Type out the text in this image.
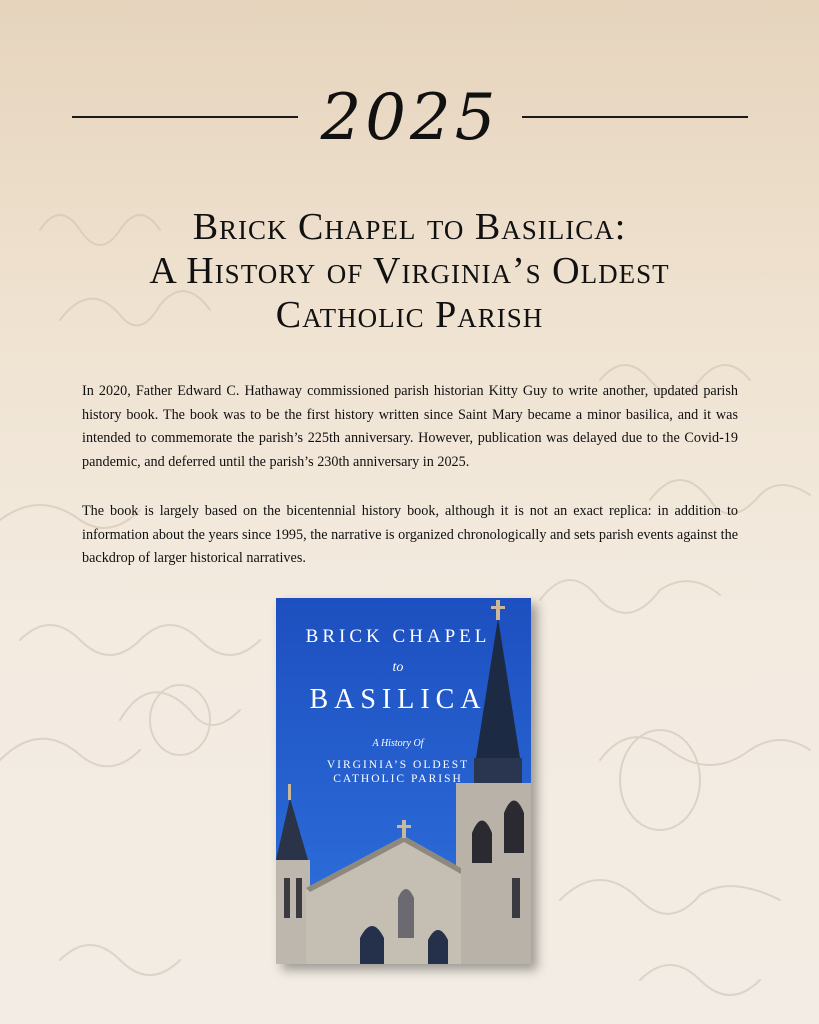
2025
Brick Chapel to Basilica:
A History of Virginia’s Oldest
Catholic Parish

In 2020, Father Edward C. Hathaway commissioned parish historian Kitty Guy to write another, updated parish history book. The book was to be the first history written since Saint Mary became a minor basilica, and it was intended to commemorate the parish’s 225th anniversary. However, publication was delayed due to the Covid-19 pandemic, and deferred until the parish’s 230th anniversary in 2025.

The book is largely based on the bicentennial history book, although it is not an exact replica: in addition to information about the years since 1995, the narrative is organized chronologically and sets parish events against the backdrop of larger historical narratives.

BRICK CHAPEL
to
BASILICA
A History Of
VIRGINIA’S OLDEST
CATHOLIC PARISH
